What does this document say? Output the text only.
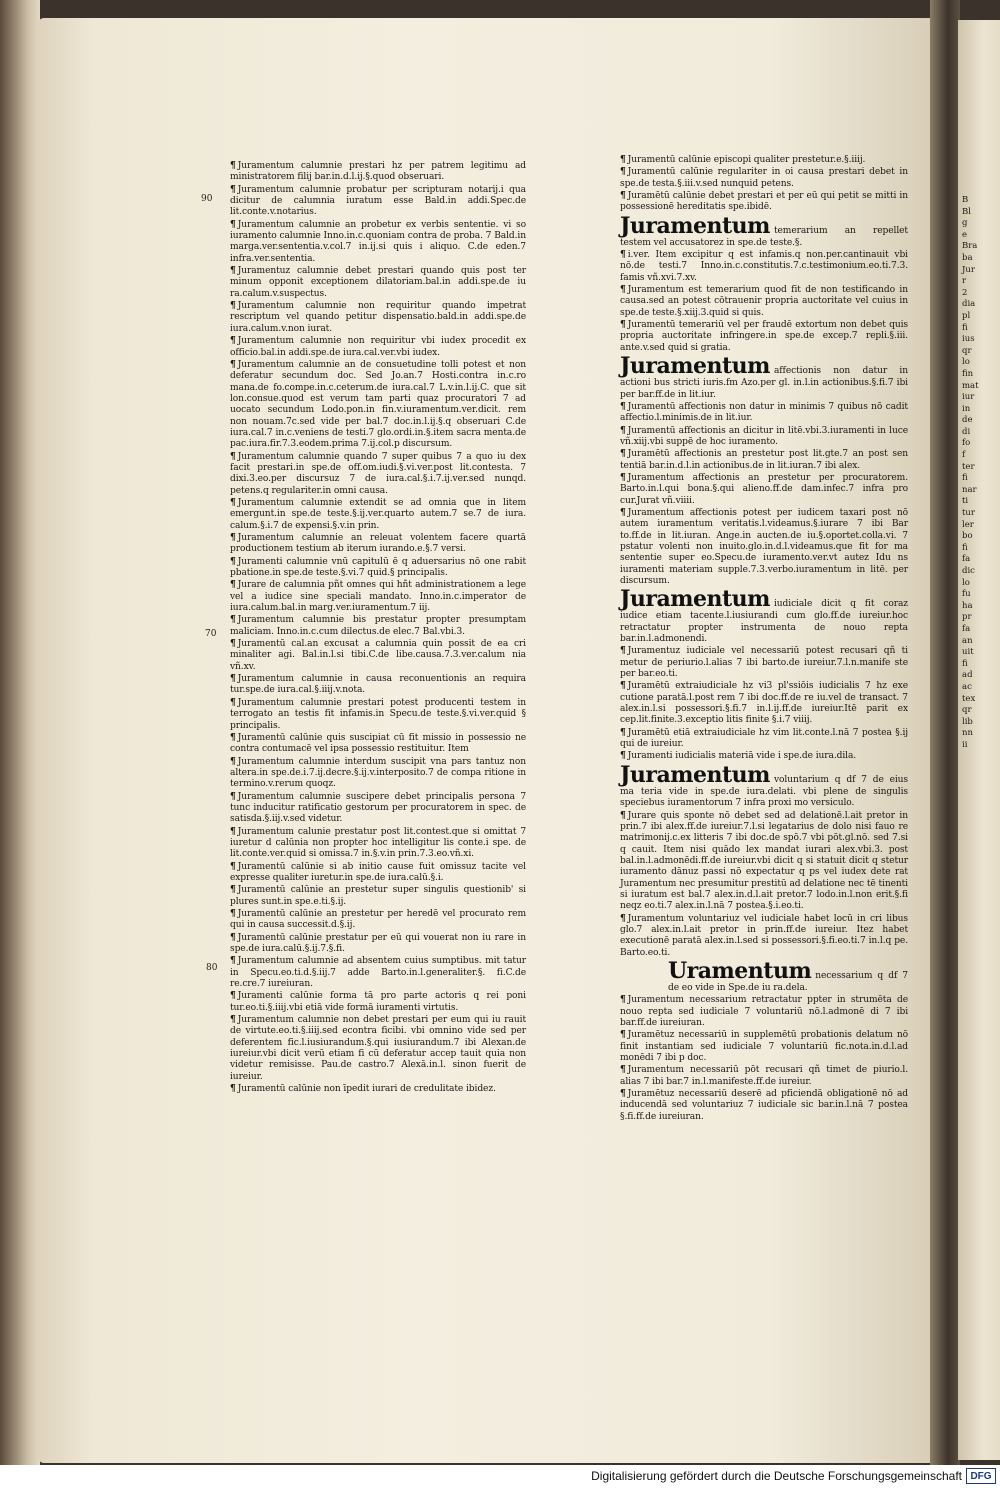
B
Bl
g
e
Bra
ba
Jur
r
2
dia
pl
fi
ius
qr
lo
fin
mat
iur
in
de
di
fo
f
ter
fi
nar
ti
tur
ler
bo
fi
fa
dic
lo
fu
ha
pr
fa
an
uit
fi
ad
ac
tex
qr
lib
nn
ii
90
70
80

¶ Juramentum calumnie prestari hz per patrem legitimu ad ministratorem filij bar.in.d.l.ij.§.quod obseruari.

¶ Juramentum calumnie probatur per scripturam notarij.i qua dicitur de calumnia iuratum esse Bald.in addi.Spec.de lit.conte.v.notarius.

¶ Juramentum calumnie an probetur ex verbis sententie. vi so iuramento calumnie Inno.in.c.quoniam contra de proba. 7 Bald.in marga.ver.sententia.v.col.7 in.ij.si quis i aliquo. C.de eden.7 infra.ver.sententia.

¶ Juramentuz calumnie debet prestari quando quis post ter minum opponit exceptionem dilatoriam.bal.in addi.spe.de iu ra.calum.v.suspectus.

¶ Juramentum calumnie non requiritur quando impetrat rescriptum vel quando petitur dispensatio.bald.in addi.spe.de iura.calum.v.non iurat.

¶ Juramentum calumnie non requiritur vbi iudex procedit ex officio.bal.in addi.spe.de iura.cal.ver.vbi iudex.

¶ Juramentum calumnie an de consuetudine tolli potest et non deferatur secundum doc. Sed Jo.an.7 Hosti.contra in.c.ro mana.de fo.compe.in.c.ceterum.de iura.cal.7 L.v.in.l.ij.C. que sit lon.consue.quod est verum tam parti quaz procuratori 7 ad uocato secundum Lodo.pon.in fin.v.iuramentum.ver.dicit. rem non nouam.7c.sed vide per bal.7 doc.in.l.ij.§.q obseruari C.de iura.cal.7 in.c.veniens de testi.7 glo.ordi.in.§.item sacra menta.de pac.iura.fir.7.3.eodem.prima 7.ij.col.p discursum.

¶ Juramentum calumnie quando 7 super quibus 7 a quo iu dex facit prestari.in spe.de off.om.iudi.§.vi.ver.post lit.contesta. 7 dixi.3.eo.per discursuz 7 de iura.cal.§.i.7.ij.ver.sed nunqd. petens.q regulariter.in omni causa.

¶ Juramentum calumnie extendit se ad omnia que in litem emergunt.in spe.de teste.§.ij.ver.quarto autem.7 se.7 de iura. calum.§.i.7 de expensi.§.v.in prin.

¶ Juramentum calumnie an releuat volentem facere quartā productionem testium ab iterum iurando.e.§.7 versi.

¶ Juramenti calumnie vnū capitulū ē q aduersarius nō one rabit pbatione.in spe.de teste.§.vi.7 quid.§ principalis.

¶ Jurare de calumnia pñt omnes qui hñt administrationem a lege vel a iudice sine speciali mandato. Inno.in.c.imperator de iura.calum.bal.in marg.ver.iuramentum.7 iij.

¶ Juramentum calumnie bis prestatur propter presumptam maliciam. Inno.in.c.cum dilectus.de elec.7 Bal.vbi.3.

¶ Juramentū cal.an excusat a calumnia quin possit de ea cri minaliter agi. Bal.in.l.si tibi.C.de libe.causa.7.3.ver.calum nia vñ.xv.

¶ Juramentum calumnie in causa reconuentionis an requira tur.spe.de iura.cal.§.iiij.v.nota.

¶ Juramentum calumnie prestari potest producenti testem in terrogato an testis fit infamis.in Specu.de teste.§.vi.ver.quid § principalis.

¶ Juramentū calūnie quis suscipiat cū fit missio in possessio ne contra contumacē vel ipsa possessio restituitur. Item

¶ Juramentum calumnie interdum suscipit vna pars tantuz non altera.in spe.de.i.7.ij.decre.§.ij.v.interposito.7 de compa ritione in termino.v.rerum quoqz.

¶ Juramentum calumnie suscipere debet principalis persona 7 tunc inducitur ratificatio gestorum per procuratorem in spec. de satisda.§.iij.v.sed videtur.

¶ Juramentum calunie prestatur post lit.contest.que si omittat 7 iuretur d calūnia non propter hoc intelligitur lis conte.i spe. de lit.conte.ver.quid si omissa.7 in.§.v.in prin.7.3.eo.vñ.xi.

¶ Juramentū calūnie si ab initio cause fuit omissuz tacite vel expresse qualiter iuretur.in spe.de iura.calū.§.i.

¶ Juramentū calūnie an prestetur super singulis questionib' si plures sunt.in spe.e.ti.§.ij.

¶ Juramentū calūnie an prestetur per heredē vel procurato rem qui in causa successit.d.§.ij.

¶ Juramentū calūnie prestatur per eū qui vouerat non iu rare in spe.de iura.calū.§.ij.7.§.fi.

¶ Juramentum calumnie ad absentem cuius sumptibus. mit tatur in Specu.eo.ti.d.§.iij.7 adde Barto.in.l.generaliter.§. fi.C.de re.cre.7 iureiuran.

¶ Juramenti calūnie forma tā pro parte actoris q rei poni tur.eo.ti.§.iiij.vbi etiā vide formā iuramenti virtutis.

¶ Juramentum calumnie non debet prestari per eum qui iu rauit de virtute.eo.ti.§.iiij.sed econtra ficibi. vbi omnino vide sed per deferentem fic.l.iusiurandum.§.qui iusiurandum.7 ibi Alexan.de iureiur.vbi dicit verū etiam fi cū deferatur accep tauit quia non videtur remisisse. Pau.de castro.7 Alexā.in.l. sinon fuerit de iureiur.

¶ Juramentū calūnie non īpedit iurari de credulitate ibidez.

¶ Juramentū calūnie episcopi qualiter prestetur.e.§.iiij.

¶ Juramentū calūnie regulariter in oi causa prestari debet in spe.de testa.§.iii.v.sed nunquid petens.

¶ Juramētū calūnie debet prestari et per eū qui petit se mitti in possessionē hereditatis spe.ibidē.

Juramentum temerarium an repellet testem vel accusatorez in spe.de teste.§.

¶ i.ver. Item excipitur q est infamis.q non.per.cantinauit vbi nō.de testi.7 Inno.in.c.constitutis.7.c.testimonium.eo.ti.7.3. famis vñ.xvi.7.xv.

¶ Juramentum est temerarium quod fit de non testificando in causa.sed an potest cōtrauenir propria auctoritate vel cuius in spe.de teste.§.xiij.3.quid si quis.

¶ Juramentū temerariū vel per fraudē extortum non debet quis propria auctoritate infringere.in spe.de excep.7 repli.§.iii. ante.v.sed quid si gratia.

Juramentum affectionis non datur in actioni bus stricti iuris.fm Azo.per gl. in.l.in actionibus.§.fi.7 ibi per bar.ff.de in lit.iur.

¶ Juramentū affectionis non datur in minimis 7 quibus nō cadit affectio.l.minimis.de in lit.iur.

¶ Juramentū affectionis an dicitur in litē.vbi.3.iuramenti in luce vñ.xiij.vbi suppē de hoc iuramento.

¶ Juramētū affectionis an prestetur post lit.gte.7 an post sen tentiā bar.in.d.l.in actionibus.de in lit.iuran.7 ibi alex.

¶ Juramentum affectionis an prestetur per procuratorem. Barto.in.l.qui bona.§.qui alieno.ff.de dam.infec.7 infra pro cur.Jurat vñ.viiii.

¶ Juramentum affectionis potest per iudicem taxari post nō autem iuramentum veritatis.l.videamus.§.iurare 7 ibi Bar to.ff.de in lit.iuran. Ange.in aucten.de iu.§.oportet.colla.vi. 7 pstatur volenti non inuito.glo.in.d.l.videamus.que fit for ma sententie super eo.Specu.de iuramento.ver.vt autez Idu ns iuramenti materiam supple.7.3.verbo.iuramentum in litē. per discursum.

Juramentum iudiciale dicit q fit coraz iudice etiam tacente.l.iusiurandi cum glo.ff.de iureiur.hoc retractatur propter instrumenta de nouo repta bar.in.l.admonendi.

¶ Juramentuz iudiciale vel necessariū potest recusari qñ ti metur de periurio.l.alias 7 ibi barto.de iureiur.7.l.n.manife ste per bar.eo.ti.

¶ Juramētū extraiudiciale hz vi3 pl'ssiōis iudicialis 7 hz exe cutione paratā.l.post rem 7 ibi doc.ff.de re iu.vel de transact. 7 alex.in.l.si possessori.§.fi.7 in.l.ij.ff.de iureiur.Itē parit ex cep.lit.finite.3.exceptio litis finite §.i.7 viiij.

¶ Juramētū etiā extraiudiciale hz vim lit.conte.l.nā 7 postea §.ij qui de iureiur.

¶ Juramenti iudicialis materiā vide i spe.de iura.dila.

Juramentum voluntarium q df 7 de eius ma teria vide in spe.de iura.delati. vbi plene de singulis speciebus iuramentorum 7 infra proxi mo versiculo.

¶ Jurare quis sponte nō debet sed ad delationē.l.ait pretor in prin.7 ibi alex.ff.de iureiur.7.l.si legatarius de dolo nisi fauo re matrimonij.c.ex litteris 7 ibi doc.de spō.7 vbi pōt.gl.nō. sed 7.si q cauit. Item nisi quādo lex mandat iurari alex.vbi.3. post bal.in.l.admonēdi.ff.de iureiur.vbi dicit q si statuit dicit q stetur iuramento dānuz passi nō expectatur q ps vel iudex dete rat Juramentum nec presumitur prestitū ad delatione nec tē tinenti si iuratum est bal.7 alex.in.d.l.ait pretor.7 lodo.in.l.non erit.§.fi neqz eo.ti.7 alex.in.l.nā 7 postea.§.i.eo.ti.

¶ Juramentum voluntariuz vel iudiciale habet locū in cri libus glo.7 alex.in.l.ait pretor in prin.ff.de iureiur. Itez habet executionē paratā alex.in.l.sed si possessori.§.fi.eo.ti.7 in.l.q pe. Barto.eo.ti.

Uramentum necessarium q df 7 de eo vide in Spe.de iu ra.dela.

¶ Juramentum necessarium retractatur ppter in strumēta de nouo repta sed iudiciale 7 voluntariū nō.l.admonē di 7 ibi bar.ff.de iureiuran.

¶ Juramētuz necessariū in supplemētū probationis delatum nō finit instantiam sed iudiciale 7 voluntariū fic.nota.in.d.l.ad monēdi 7 ibi p doc.

¶ Juramentum necessariū pōt recusari qñ timet de piurio.l. alias 7 ibi bar.7 in.l.manifeste.ff.de iureiur.

¶ Juramētuz necessariū deserē ad pficiendā obligationē nō ad inducendā sed voluntariuz 7 iudiciale sic bar.in.l.nā 7 postea §.fi.ff.de iureiuran.

Digitalisierung gefördert durch die Deutsche Forschungsgemeinschaft DFG
